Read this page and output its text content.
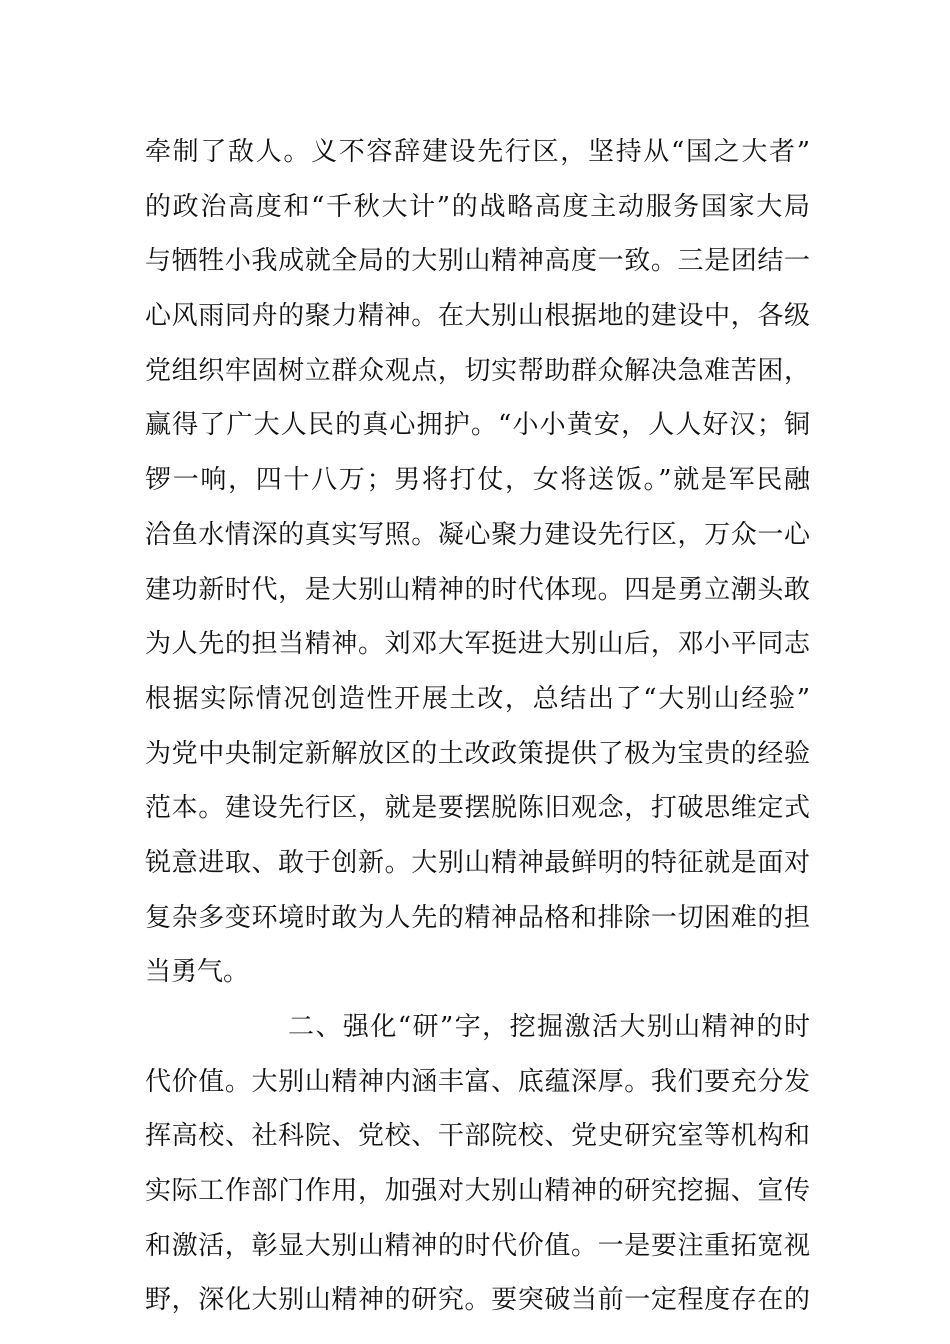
牵制了敌人。义不容辞建设先行区，坚持从“国之大者”
的政治高度和“千秋大计”的战略高度主动服务国家大局
与牺牲小我成就全局的大别山精神高度一致。三是团结一
心风雨同舟的聚力精神。在大别山根据地的建设中，各级
党组织牢固树立群众观点，切实帮助群众解决急难苦困，
赢得了广大人民的真心拥护。“小小黄安，人人好汉；铜
锣一响，四十八万；男将打仗，女将送饭。”就是军民融
洽鱼水情深的真实写照。凝心聚力建设先行区，万众一心
建功新时代，是大别山精神的时代体现。四是勇立潮头敢
为人先的担当精神。刘邓大军挺进大别山后，邓小平同志
根据实际情况创造性开展土改，总结出了“大别山经验”
为党中央制定新解放区的土改政策提供了极为宝贵的经验
范本。建设先行区，就是要摆脱陈旧观念，打破思维定式
锐意进取、敢于创新。大别山精神最鲜明的特征就是面对
复杂多变环境时敢为人先的精神品格和排除一切困难的担
当勇气。
二、强化“研”字，挖掘激活大别山精神的时
代价值。大别山精神内涵丰富、底蕴深厚。我们要充分发
挥高校、社科院、党校、干部院校、党史研究室等机构和
实际工作部门作用，加强对大别山精神的研究挖掘、宣传
和激活，彰显大别山精神的时代价值。一是要注重拓宽视
野，深化大别山精神的研究。要突破当前一定程度存在的
